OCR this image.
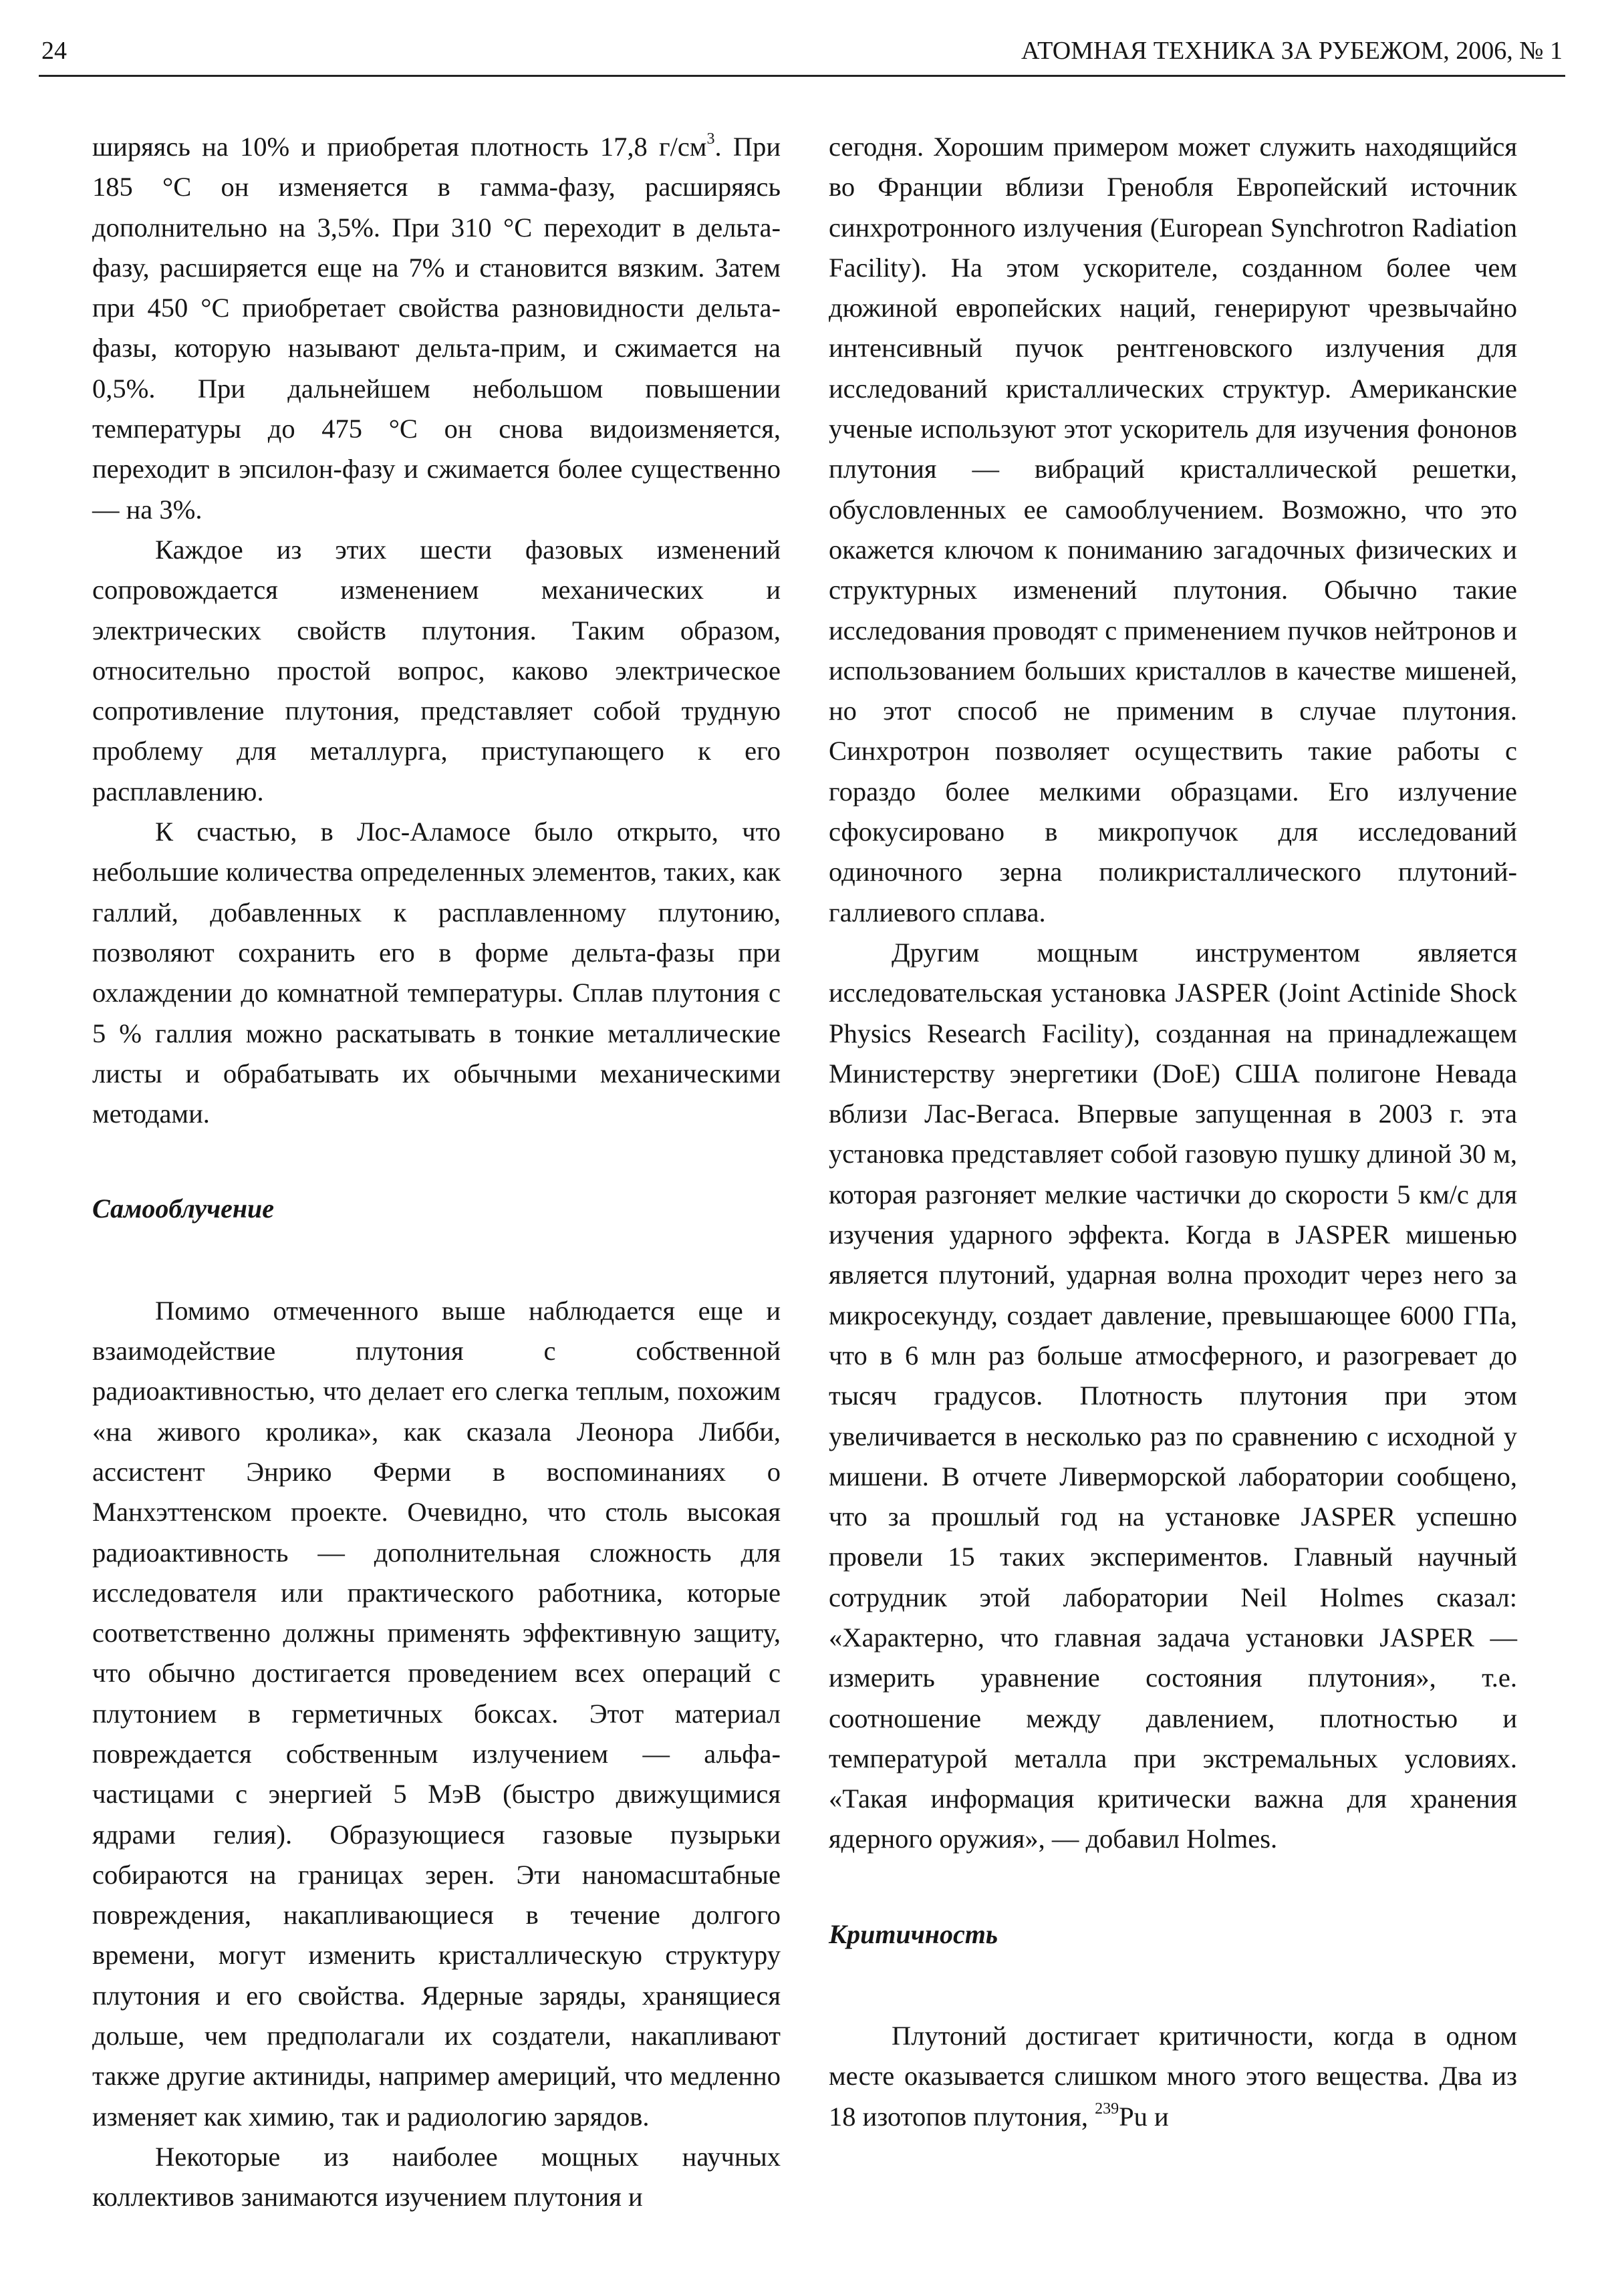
24	АТОМНАЯ ТЕХНИКА ЗА РУБЕЖОМ, 2006, № 1

ширяясь на 10% и приобретая плотность 17,8 $г/см^3$. При 185 °С он изменяется в гамма-фазу, расширяясь дополнительно на 3,5%. При 310 °С переходит в дельта-фазу, расширяется еще на 7% и становится вязким. Затем при 450 °С приобретает свойства разновидности дельта-фазы, которую называют дельта-прим, и сжимается на 0,5%. При дальнейшем небольшом повышении температуры до 475 °С он снова видоизменяется, переходит в эпсилон-фазу и сжимается более существенно — на 3%.

Каждое из этих шести фазовых изменений сопровождается изменением механических и электрических свойств плутония. Таким образом, относительно простой вопрос, каково электрическое сопротивление плутония, представляет собой трудную проблему для металлурга, приступающего к его расплавлению.

К счастью, в Лос-Аламосе было открыто, что небольшие количества определенных элементов, таких, как галлий, добавленных к расплавленному плутонию, позволяют сохранить его в форме дельта-фазы при охлаждении до комнатной температуры. Сплав плутония с 5 % галлия можно раскатывать в тонкие металлические листы и обрабатывать их обычными механическими методами.

Самооблучение

Помимо отмеченного выше наблюдается еще и взаимодействие плутония с собственной радиоактивностью, что делает его слегка теплым, похожим «на живого кролика», как сказала Леонора Либби, ассистент Энрико Ферми в воспоминаниях о Манхэттенском проекте. Очевидно, что столь высокая радиоактивность — дополнительная сложность для исследователя или практического работника, которые соответственно должны применять эффективную защиту, что обычно достигается проведением всех операций с плутонием в герметичных боксах. Этот материал повреждается собственным излучением — альфа-частицами с энергией 5 МэВ (быстро движущимися ядрами гелия). Образующиеся газовые пузырьки собираются на границах зерен. Эти наномасштабные повреждения, накапливающиеся в течение долгого времени, могут изменить кристаллическую структуру плутония и его свойства. Ядерные заряды, хранящиеся дольше, чем предполагали их создатели, накапливают также другие актиниды, например америций, что медленно изменяет как химию, так и радиологию зарядов.

Некоторые из наиболее мощных научных коллективов занимаются изучением плутония и

сегодня. Хорошим примером может служить находящийся во Франции вблизи Гренобля Европейский источник синхротронного излучения (European Synchrotron Radiation Facility). На этом ускорителе, созданном более чем дюжиной европейских наций, генерируют чрезвычайно интенсивный пучок рентгеновского излучения для исследований кристаллических структур. Американские ученые используют этот ускоритель для изучения фононов плутония — вибраций кристаллической решетки, обусловленных ее самооблучением. Возможно, что это окажется ключом к пониманию загадочных физических и структурных изменений плутония. Обычно такие исследования проводят с применением пучков нейтронов и использованием больших кристаллов в качестве мишеней, но этот способ не применим в случае плутония. Синхротрон позволяет осуществить такие работы с гораздо более мелкими образцами. Его излучение сфокусировано в микропучок для исследований одиночного зерна поликристаллического плутоний-галлиевого сплава.

Другим мощным инструментом является исследовательская установка JASPER (Joint Actinide Shock Physics Research Facility), созданная на принадлежащем Министерству энергетики (DoE) США полигоне Невада вблизи Лас-Вегаса. Впервые запущенная в 2003 г. эта установка представляет собой газовую пушку длиной 30 м, которая разгоняет мелкие частички до скорости 5 км/с для изучения ударного эффекта. Когда в JASPER мишенью является плутоний, ударная волна проходит через него за микросекунду, создает давление, превышающее 6000 ГПа, что в 6 млн раз больше атмосферного, и разогревает до тысяч градусов. Плотность плутония при этом увеличивается в несколько раз по сравнению с исходной у мишени. В отчете Ливерморской лаборатории сообщено, что за прошлый год на установке JASPER успешно провели 15 таких экспериментов. Главный научный сотрудник этой лаборатории Neil Holmes сказал: «Характерно, что главная задача установки JASPER — измерить уравнение состояния плутония», т.е. соотношение между давлением, плотностью и температурой металла при экстремальных условиях. «Такая информация критически важна для хранения ядерного оружия», — добавил Holmes.

Критичность

Плутоний достигает критичности, когда в одном месте оказывается слишком много этого вещества. Два из 18 изотопов плутония, $^{239}$Pu и
